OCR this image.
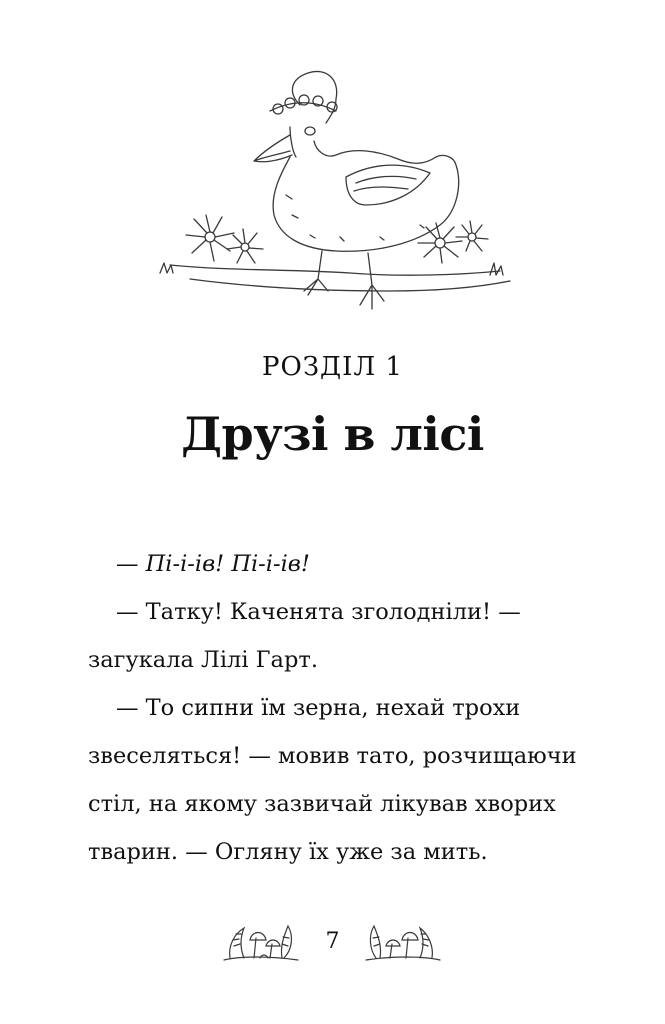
РОЗДІЛ 1
Друзі в лісі

— Пі-і-ів! Пі-і-ів!

— Татку! Каченята зголодніли! — загукала Лілі Гарт.

— То сипни їм зерна, нехай трохи звеселяться! — мовив тато, розчищаючи стіл, на якому зазвичай лікував хворих тварин. — Огляну їх уже за мить.

7
